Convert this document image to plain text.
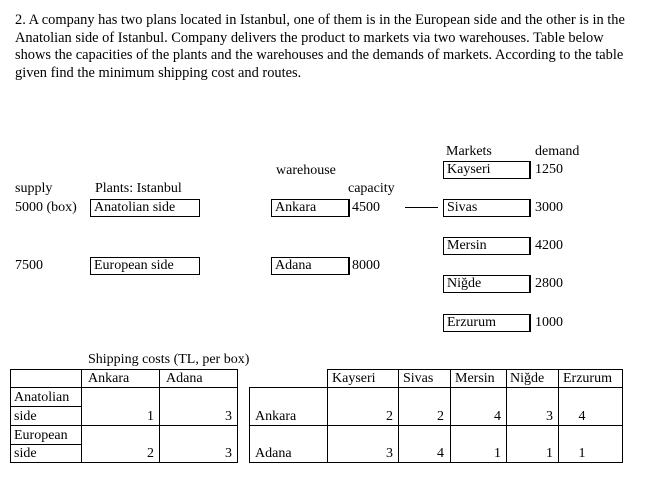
2. A company has two plans located in Istanbul, one of them is in the European side and the other is in the Anatolian side of Istanbul. Company delivers the product to markets via two warehouses. Table below shows the capacities of the plants and the warehouses and the demands of markets. According to the table given find the minimum shipping cost and routes.
warehouse
Markets	demand
supply	Plants: Istanbul	capacity
5000 (box) Anatolian side
7500	European side
Ankara	4500
Adana	8000
Kayseri	1250
Sivas	3000
Mersin	4200
Niğde	2800
Erzurum	1000
Shipping costs (TL, per box)
Ankara	Adana
Anatolian
side	1	3
European
side	2	3
Kayseri Sivas Mersin Niğde Erzurum
Ankara	2	2	4	3	4
Adana	3	4	1	1	1
